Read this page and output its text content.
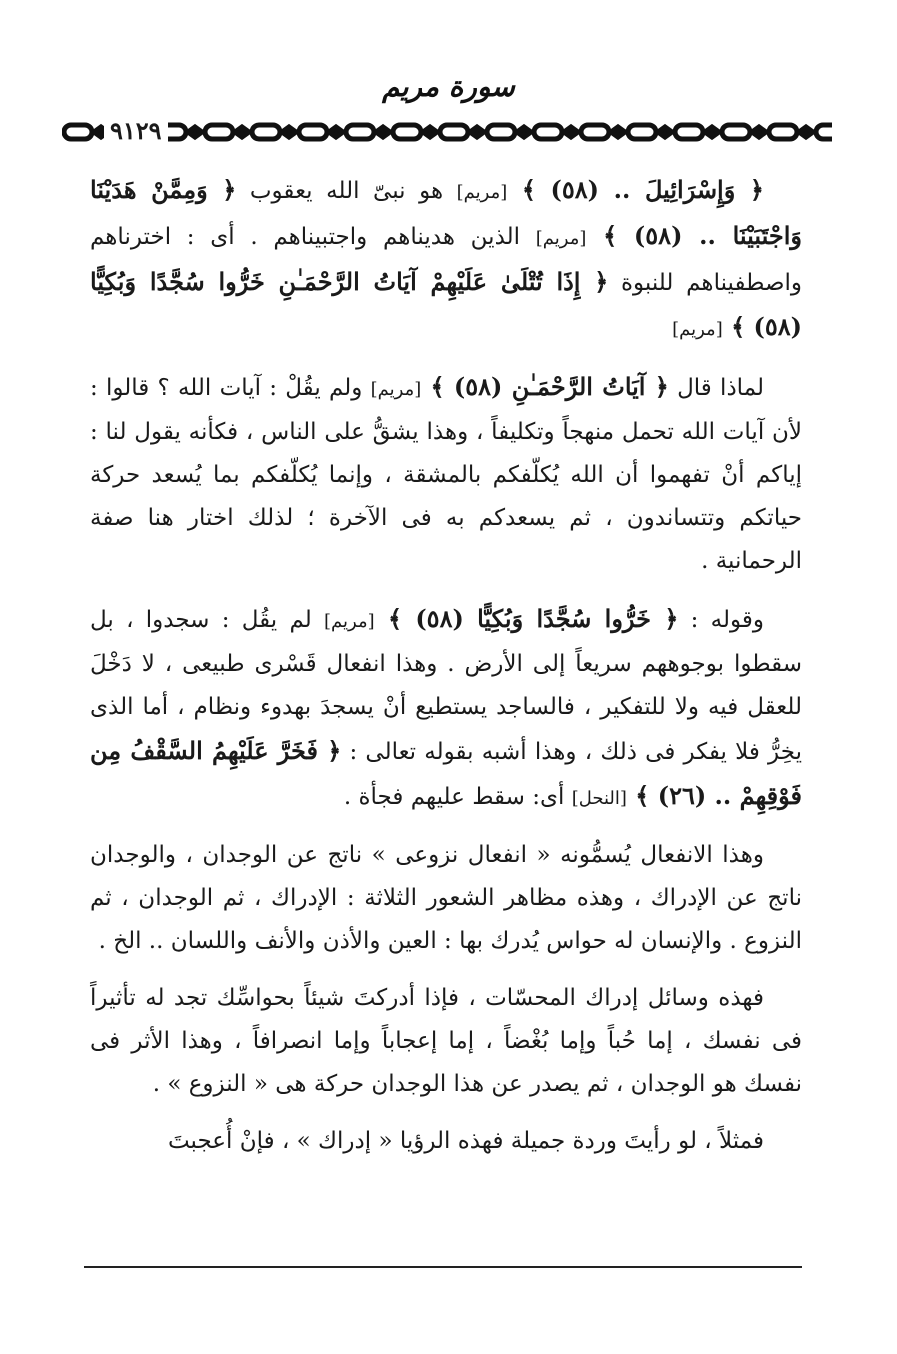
سورة مريم
٩١٢٩

﴿ وَإِسْرَائِيلَ .. (٥٨) ﴾ [مريم] هو نبىّ الله يعقوب ﴿ وَمِمَّنْ هَدَيْنَا وَاجْتَبَيْنَا .. (٥٨) ﴾ [مريم] الذين هديناهم واجتبيناهم . أى : اخترناهم واصطفيناهم للنبوة ﴿ إِذَا تُتْلَىٰ عَلَيْهِمْ آيَاتُ الرَّحْمَـٰنِ خَرُّوا سُجَّدًا وَبُكِيًّا (٥٨) ﴾ [مريم]

لماذا قال ﴿ آيَاتُ الرَّحْمَـٰنِ (٥٨) ﴾ [مريم] ولم يقُلْ : آيات الله ؟ قالوا : لأن آيات الله تحمل منهجاً وتكليفاً ، وهذا يشقُّ على الناس ، فكأنه يقول لنا : إياكم أنْ تفهموا أن الله يُكلّفكم بالمشقة ، وإنما يُكلّفكم بما يُسعد حركة حياتكم وتتساندون ، ثم يسعدكم به فى الآخرة ؛ لذلك اختار هنا صفة الرحمانية .

وقوله : ﴿ خَرُّوا سُجَّدًا وَبُكِيًّا (٥٨) ﴾ [مريم] لم يقُل : سجدوا ، بل سقطوا بوجوههم سريعاً إلى الأرض . وهذا انفعال قَسْرى طبيعى ، لا دَخْلَ للعقل فيه ولا للتفكير ، فالساجد يستطيع أنْ يسجدَ بهدوء ونظام ، أما الذى يخِرُّ فلا يفكر فى ذلك ، وهذا أشبه بقوله تعالى : ﴿ فَخَرَّ عَلَيْهِمُ السَّقْفُ مِن فَوْقِهِمْ .. (٢٦) ﴾ [النحل] أى: سقط عليهم فجأة .

وهذا الانفعال يُسمُّونه « انفعال نزوعى » ناتج عن الوجدان ، والوجدان ناتج عن الإدراك ، وهذه مظاهر الشعور الثلاثة : الإدراك ، ثم الوجدان ، ثم النزوع . والإنسان له حواس يُدرك بها : العين والأذن والأنف واللسان .. الخ .

فهذه وسائل إدراك المحسّات ، فإذا أدركتَ شيئاً بحواسِّك تجد له تأثيراً فى نفسك ، إما حُباً وإما بُغْضاً ، إما إعجاباً وإما انصرافاً ، وهذا الأثر فى نفسك هو الوجدان ، ثم يصدر عن هذا الوجدان حركة هى « النزوع » .

فمثلاً ، لو رأيتَ وردة جميلة فهذه الرؤيا « إدراك » ، فإنْ أُعجبتَ
